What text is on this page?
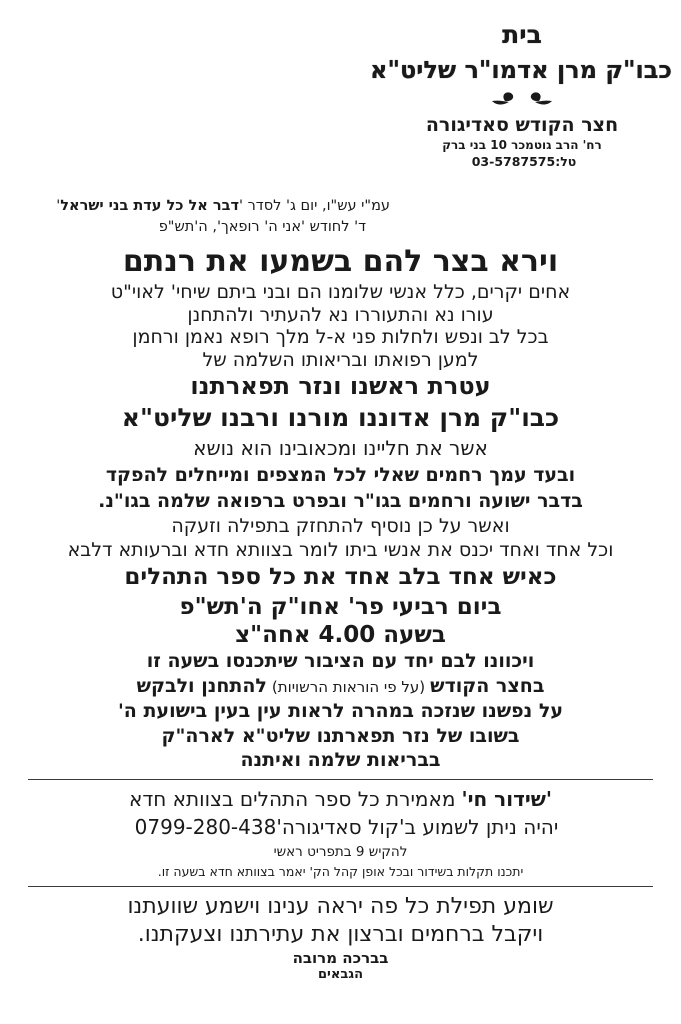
בית
כבו"ק מרן אדמו"ר שליט"א
חצר הקודש סאדיגורה
רח' הרב גוטמכר 10 בני ברק
טל:03-5787575
עמ"י עש"ו, יום ג' לסדר 'דבר אל כל עדת בני ישראל'
ד' לחודש 'אני ה' רופאך', ה'תש"פ
וירא בצר להם בשמעו את רנתם
אחים יקרים, כלל אנשי שלומנו הם ובני ביתם שיחי' לאוי"ט
עורו נא והתעוררו נא להעתיר ולהתחנן
בכל לב ונפש ולחלות פני א-ל מלך רופא נאמן ורחמן
למען רפואתו ובריאותו השלמה של
עטרת ראשנו ונזר תפארתנו
כבו"ק מרן אדוננו מורנו ורבנו שליט"א
אשר את חליינו ומכאובינו הוא נושא
ובעד עמך רחמים שאלי לכל המצפים ומייחלים להפקד
בדבר ישועה ורחמים בגו"ר ובפרט ברפואה שלמה בגו"נ.
ואשר על כן נוסיף להתחזק בתפילה וזעקה
וכל אחד ואחד יכנס את אנשי ביתו לומר בצוותא חדא וברעותא דלבא
כאיש אחד בלב אחד את כל ספר התהלים
ביום רביעי פר' אחו"ק ה'תש"פ
בשעה 4.00 אחה"צ
ויכוונו לבם יחד עם הציבור שיתכנסו בשעה זו
בחצר הקודש(על פי הוראות הרשויות)להתחנן ולבקש
על נפשנו שנזכה במהרה לראות עין בעין בישועת ה'
בשובו של נזר תפארתנו שליט"א לארה"ק
בבריאות שלמה ואיתנה
'שידור חי'מאמירת כל ספר התהלים בצוותא חדא
יהיה ניתן לשמוע ב'קול סאדיגורה'0799-280-438
להקיש 9 בתפריט ראשי
יתכנו תקלות בשידור ובכל אופן קהל הק' יאמר בצוותא חדא בשעה זו.
שומע תפילת כל פה יראה ענינו וישמע שוועתנו
ויקבל ברחמים וברצון את עתירתנו וצעקתנו.
בברכה מרובה
הגבאים
